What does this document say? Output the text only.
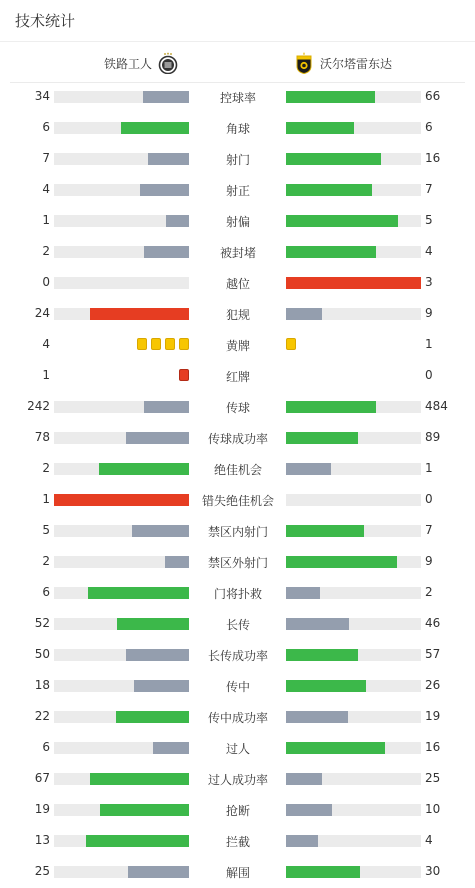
技术统计
铁路工人	沃尔塔雷东达
34	控球率	66
6	角球	6
7	射门	16
4	射正	7
1	射偏	5
2	被封堵	4
0	越位	3
24	犯规	9
4	黄牌	1
1	红牌	0
242	传球	484
78	传球成功率	89
2	绝佳机会	1
1	错失绝佳机会	0
5	禁区内射门	7
2	禁区外射门	9
6	门将扑救	2
52	长传	46
50	长传成功率	57
18	传中	26
22	传中成功率	19
6	过人	16
67	过人成功率	25
19	抢断	10
13	拦截	4
25	解围	30
